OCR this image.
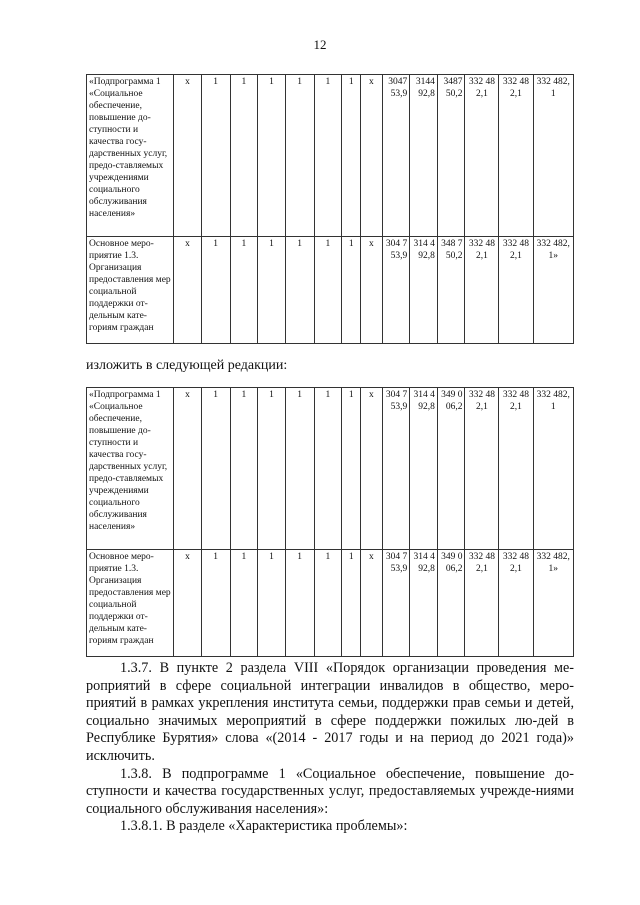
12
«Подпрограмма 1 «Социальное обеспечение, повышение до-ступности и качества госу-дарственных услуг, предо-ставляемых учреждениями социального обслуживания населения»	х	1	1	1	1	1	1	х	304753,9	314492,8	348750,2	332 482,1	332 482,1	332 482,1
Основное меро-приятие 1.3. Организация предоставления мер социальной поддержки от-дельным кате-гориям граждан	х	1	1	1	1	1	1	х	304 753,9	314 492,8	348 750,2	332 482,1	332 482,1	332 482,1»
изложить в следующей редакции:
«Подпрограмма 1 «Социальное обеспечение, повышение до-ступности и качества госу-дарственных услуг, предо-ставляемых учреждениями социального обслуживания населения»	х	1	1	1	1	1	1	х	304 753,9	314 492,8	349 006,2	332 482,1	332 482,1	332 482,1
Основное меро-приятие 1.3. Организация предоставления мер социальной поддержки от-дельным кате-гориям граждан	х	1	1	1	1	1	1	х	304 753,9	314 492,8	349 006,2	332 482,1	332 482,1	332 482,1»

1.3.7. В пункте 2 раздела VIII «Порядок организации проведения ме-роприятий в сфере социальной интеграции инвалидов в общество, меро-приятий в рамках укрепления института семьи, поддержки прав семьи и детей, социально значимых мероприятий в сфере поддержки пожилых лю-дей в Республике Бурятия» слова «(2014 - 2017 годы и на период до 2021 года)» исключить.

1.3.8. В подпрограмме 1 «Социальное обеспечение, повышение до-ступности и качества государственных услуг, предоставляемых учрежде-ниями социального обслуживания населения»:

1.3.8.1. В разделе «Характеристика проблемы»:
